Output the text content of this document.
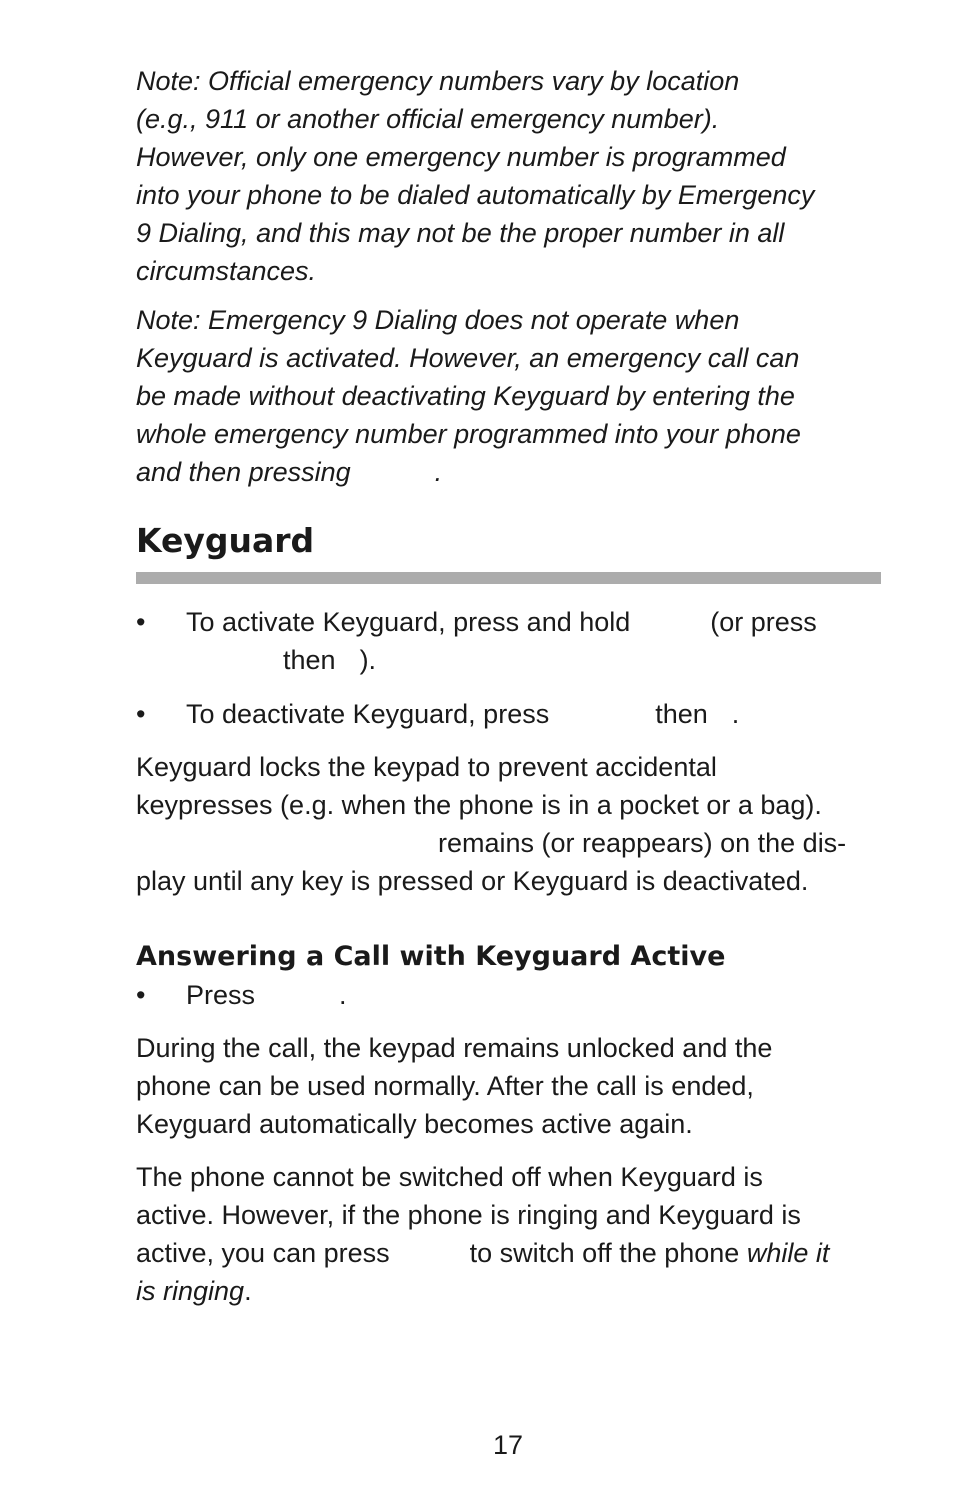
Note: Official emergency numbers vary by location
(e.g., 911 or another official emergency number).
However, only one emergency number is programmed
into your phone to be dialed automatically by Emergency
9 Dialing, and this may not be the proper number in all
circumstances.

Note: Emergency 9 Dialing does not operate when
Keyguard is activated. However, an emergency call can
be made without deactivating Keyguard by entering the
whole emergency number programmed into your phone
and then pressing	.

Keyguard
• To activate Keyguard, press and hold	(or press
then ).
• To deactivate Keyguard, press	then .

Keyguard locks the keypad to prevent accidental
keypresses (e.g. when the phone is in a pocket or a bag).
remains (or reappears) on the dis-
play until any key is pressed or Keyguard is deactivated.

Answering a Call with Keyguard Active
• Press	.

During the call, the keypad remains unlocked and the
phone can be used normally. After the call is ended,
Keyguard automatically becomes active again.

The phone cannot be switched off when Keyguard is
active. However, if the phone is ringing and Keyguard is
active, you can press	to switch off the phone while it
is ringing.

17
